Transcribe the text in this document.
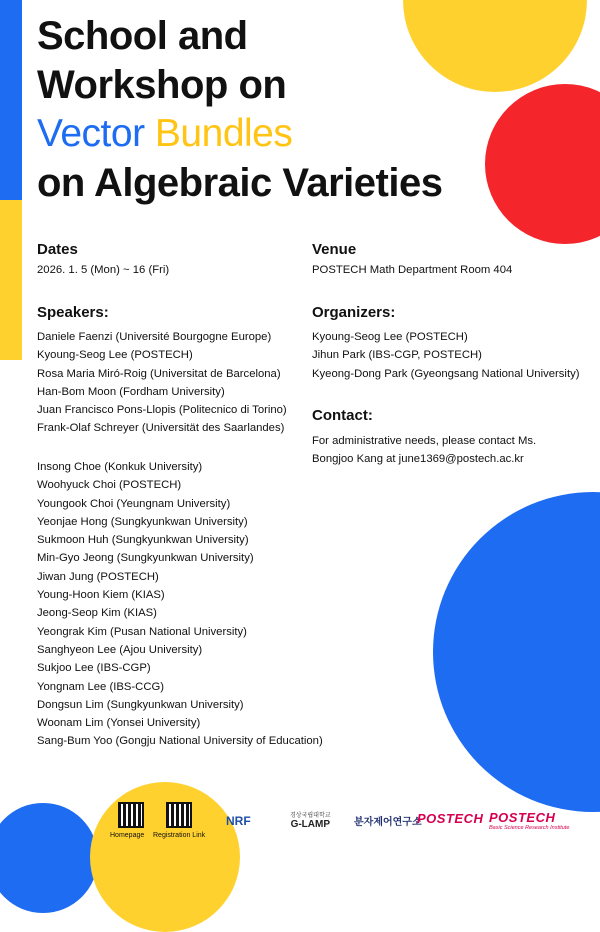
School and
Workshop on
Vector Bundles
on Algebraic Varieties
Dates
2026. 1. 5 (Mon) ~ 16 (Fri)
Venue
POSTECH Math Department Room 404
Speakers:
Daniele Faenzi (Université Bourgogne Europe)
Kyoung-Seog Lee (POSTECH)
Rosa Maria Miró-Roig (Universitat de Barcelona)
Han-Bom Moon (Fordham University)
Juan Francisco Pons-Llopis (Politecnico di Torino)
Frank-Olaf Schreyer (Universität des Saarlandes)
Insong Choe (Konkuk University)
Woohyuck Choi (POSTECH)
Youngook Choi (Yeungnam University)
Yeonjae Hong (Sungkyunkwan University)
Sukmoon Huh (Sungkyunkwan University)
Min-Gyo Jeong (Sungkyunkwan University)
Jiwan Jung (POSTECH)
Young-Hoon Kiem (KIAS)
Jeong-Seop Kim (KIAS)
Yeongrak Kim (Pusan National University)
Sanghyeon Lee (Ajou University)
Sukjoo Lee (IBS-CGP)
Yongnam Lee (IBS-CCG)
Dongsun Lim (Sungkyunkwan University)
Woonam Lim (Yonsei University)
Sang-Bum Yoo (Gongju National University of Education)
Organizers:
Kyoung-Seog Lee (POSTECH)
Jihun Park (IBS-CGP, POSTECH)
Kyeong-Dong Park (Gyeongsang National University)
Contact:
For administrative needs, please contact Ms.
Bongjoo Kang at june1369@postech.ac.kr
Homepage Registration Link
NRF	경상국립대학교
G-LAMP 분자제어연구소
POSTECH POSTECH
Basic Science Research Institute
